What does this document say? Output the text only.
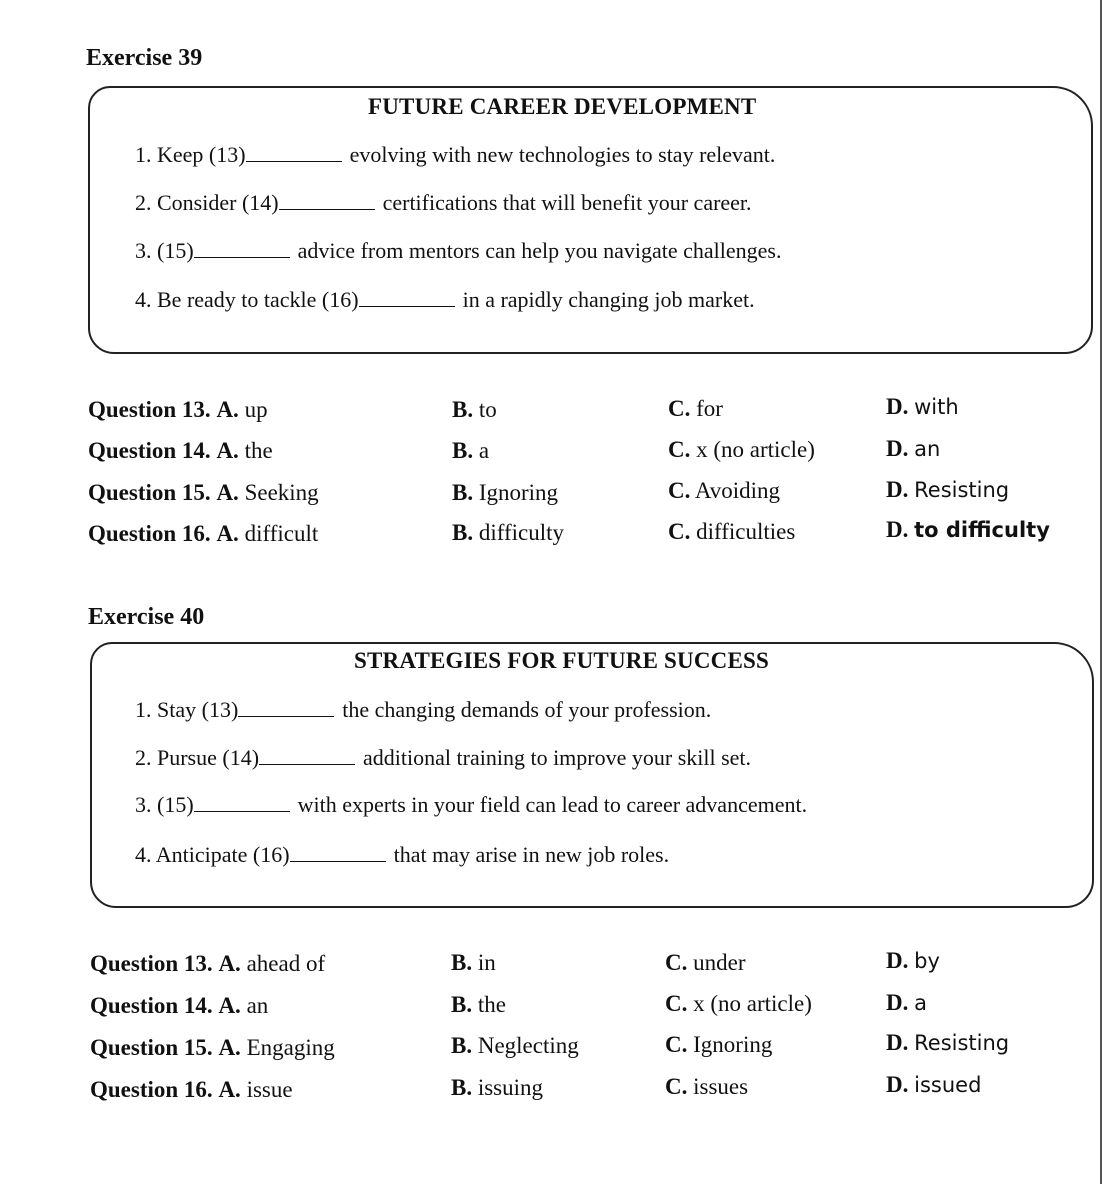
Exercise 39
FUTURE CAREER DEVELOPMENT
1. Keep (13)	evolving with new technologies to stay relevant.
2. Consider (14)	certifications that will benefit your career.
3. (15)	advice from mentors can help you navigate challenges.
4. Be ready to tackle (16)	in a rapidly changing job market.
Question 13. A. up	B. to	C. for	D. with
Question 14. A. the	B. a	C. x (no article)	D. an
Question 15. A. Seeking	B. Ignoring	C. Avoiding	D. Resisting
Question 16. A. difficult	B. difficulty	C. difficulties	D. to difficulty
Exercise 40
STRATEGIES FOR FUTURE SUCCESS
1. Stay (13)	the changing demands of your profession.
2. Pursue (14)	additional training to improve your skill set.
3. (15)	with experts in your field can lead to career advancement.
4. Anticipate (16)	that may arise in new job roles.
Question 13. A. ahead of	B. in	C. under	D. by
Question 14. A. an	B. the	C. x (no article)	D. a
Question 15. A. Engaging	B. Neglecting	C. Ignoring	D. Resisting
Question 16. A. issue	B. issuing	C. issues	D. issued
